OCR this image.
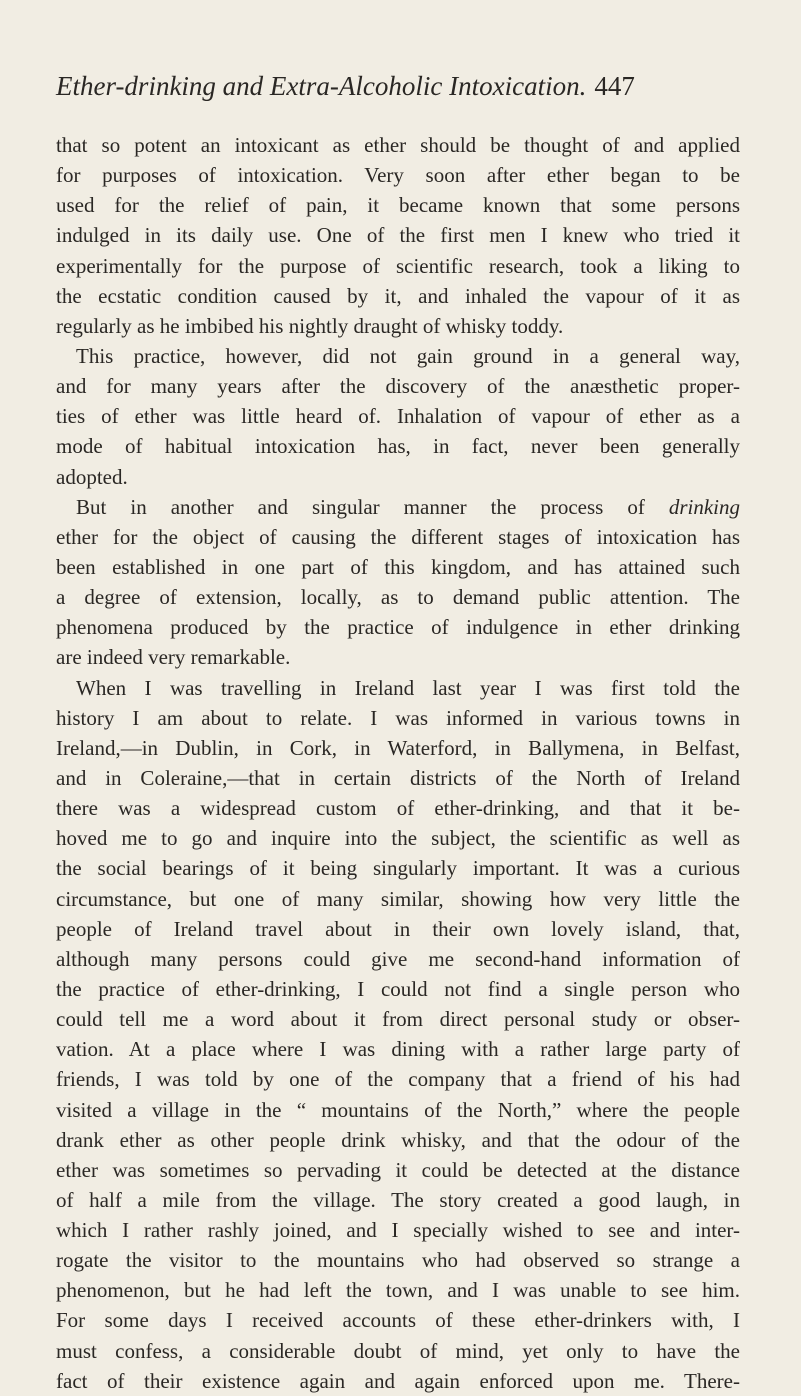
Ether-drinking and Extra-Alcoholic Intoxication. 447
that so potent an intoxicant as ether should be thought of and applied
for purposes of intoxication. Very soon after ether began to be
used for the relief of pain, it became known that some persons
indulged in its daily use. One of the first men I knew who tried it
experimentally for the purpose of scientific research, took a liking to
the ecstatic condition caused by it, and inhaled the vapour of it as
regularly as he imbibed his nightly draught of whisky toddy.
This practice, however, did not gain ground in a general way,
and for many years after the discovery of the anæsthetic proper-
ties of ether was little heard of. Inhalation of vapour of ether as a
mode of habitual intoxication has, in fact, never been generally
adopted.
But in another and singular manner the process of drinking
ether for the object of causing the different stages of intoxication has
been established in one part of this kingdom, and has attained such
a degree of extension, locally, as to demand public attention. The
phenomena produced by the practice of indulgence in ether drinking
are indeed very remarkable.
When I was travelling in Ireland last year I was first told the
history I am about to relate. I was informed in various towns in
Ireland,—in Dublin, in Cork, in Waterford, in Ballymena, in Belfast,
and in Coleraine,—that in certain districts of the North of Ireland
there was a widespread custom of ether-drinking, and that it be-
hoved me to go and inquire into the subject, the scientific as well as
the social bearings of it being singularly important. It was a curious
circumstance, but one of many similar, showing how very little the
people of Ireland travel about in their own lovely island, that,
although many persons could give me second-hand information of
the practice of ether-drinking, I could not find a single person who
could tell me a word about it from direct personal study or obser-
vation. At a place where I was dining with a rather large party of
friends, I was told by one of the company that a friend of his had
visited a village in the “ mountains of the North,” where the people
drank ether as other people drink whisky, and that the odour of the
ether was sometimes so pervading it could be detected at the distance
of half a mile from the village. The story created a good laugh, in
which I rather rashly joined, and I specially wished to see and inter-
rogate the visitor to the mountains who had observed so strange a
phenomenon, but he had left the town, and I was unable to see him.
For some days I received accounts of these ether-drinkers with, I
must confess, a considerable doubt of mind, yet only to have the
fact of their existence again and again enforced upon me. There-
